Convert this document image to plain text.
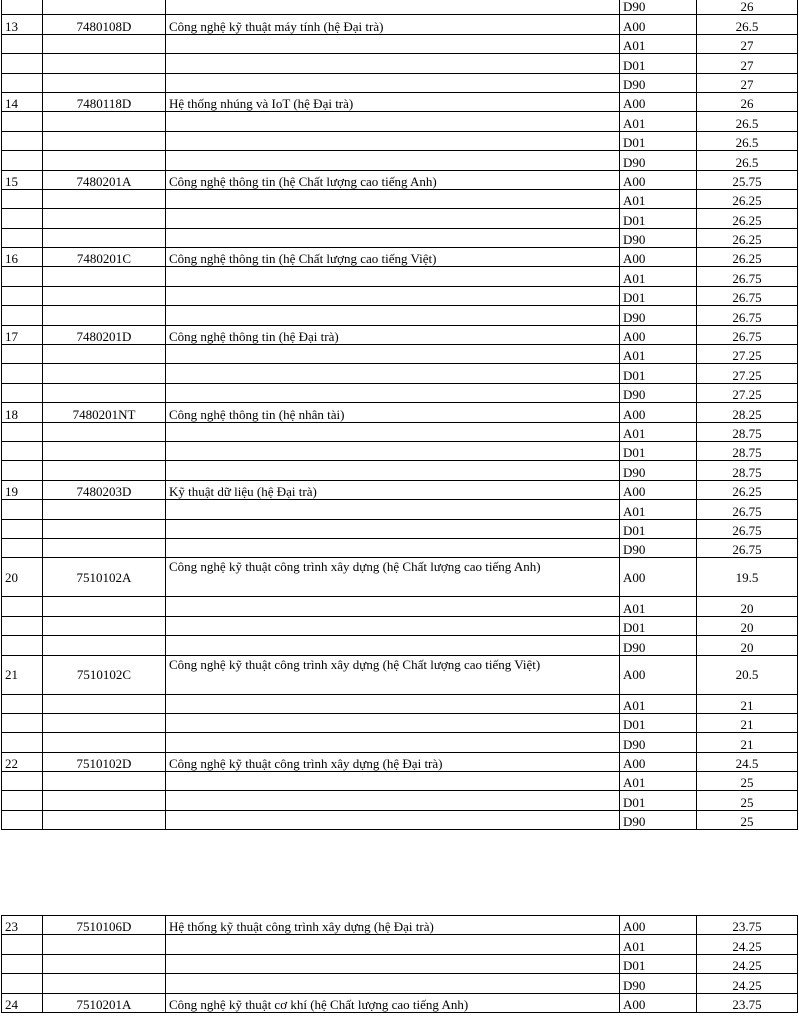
			D90	26
13	7480108D	Công nghệ kỹ thuật máy tính (hệ Đại trà)	A00	26.5
			A01	27
			D01	27
			D90	27
14	7480118D	Hệ thống nhúng và IoT (hệ Đại trà)	A00	26
			A01	26.5
			D01	26.5
			D90	26.5
15	7480201A	Công nghệ thông tin (hệ Chất lượng cao tiếng Anh)	A00	25.75
			A01	26.25
			D01	26.25
			D90	26.25
16	7480201C	Công nghệ thông tin (hệ Chất lượng cao tiếng Việt)	A00	26.25
			A01	26.75
			D01	26.75
			D90	26.75
17	7480201D	Công nghệ thông tin (hệ Đại trà)	A00	26.75
			A01	27.25
			D01	27.25
			D90	27.25
18	7480201NT	Công nghệ thông tin (hệ nhân tài)	A00	28.25
			A01	28.75
			D01	28.75
			D90	28.75
19	7480203D	Kỹ thuật dữ liệu (hệ Đại trà)	A00	26.25
			A01	26.75
			D01	26.75
			D90	26.75
20	7510102A	Công nghệ kỹ thuật công trình xây dựng (hệ Chất lượng cao tiếng Anh)	A00	19.5
			A01	20
			D01	20
			D90	20
21	7510102C	Công nghệ kỹ thuật công trình xây dựng (hệ Chất lượng cao tiếng Việt)	A00	20.5
			A01	21
			D01	21
			D90	21
22	7510102D	Công nghệ kỹ thuật công trình xây dựng (hệ Đại trà)	A00	24.5
			A01	25
			D01	25
			D90	25
23	7510106D	Hệ thống kỹ thuật công trình xây dựng (hệ Đại trà)	A00	23.75
			A01	24.25
			D01	24.25
			D90	24.25
24	7510201A	Công nghệ kỹ thuật cơ khí (hệ Chất lượng cao tiếng Anh)	A00	23.75
